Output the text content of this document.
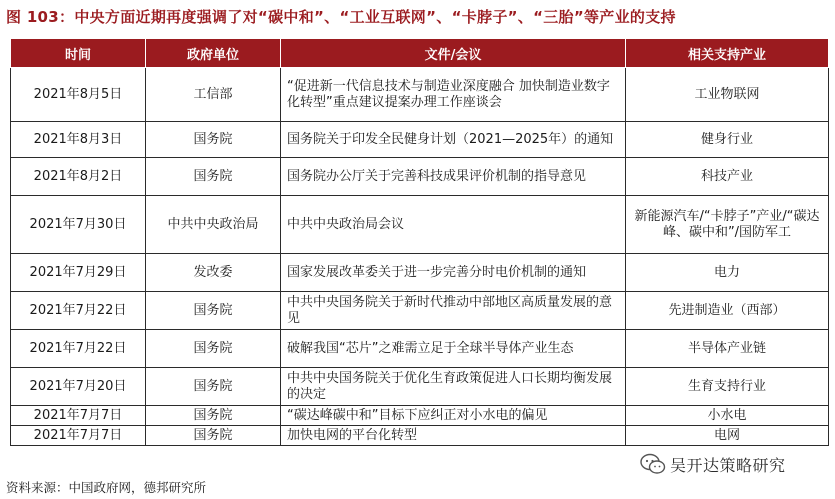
图 103：中央方面近期再度强调了对“碳中和”、“工业互联网”、“卡脖子”、“三胎”等产业的支持
时间	政府单位	文件/会议	相关支持产业
2021年8月5日	工信部	“促进新一代信息技术与制造业深度融合 加快制造业数字化转型”重点建议提案办理工作座谈会	工业物联网
2021年8月3日	国务院	国务院关于印发全民健身计划（2021—2025年）的通知	健身行业
2021年8月2日	国务院	国务院办公厅关于完善科技成果评价机制的指导意见	科技产业
2021年7月30日	中共中央政治局	中共中央政治局会议	新能源汽车/“卡脖子”产业/“碳达峰、碳中和”/国防军工
2021年7月29日	发改委	国家发展改革委关于进一步完善分时电价机制的通知	电力
2021年7月22日	国务院	中共中央国务院关于新时代推动中部地区高质量发展的意见	先进制造业（西部）
2021年7月22日	国务院	破解我国“芯片”之难需立足于全球半导体产业生态	半导体产业链
2021年7月20日	国务院	中共中央国务院关于优化生育政策促进人口长期均衡发展的决定	生育支持行业
2021年7月7日	国务院	“碳达峰碳中和”目标下应纠正对小水电的偏见	小水电
2021年7月7日	国务院	加快电网的平台化转型	电网
吴开达策略研究
资料来源：中国政府网，德邦研究所
